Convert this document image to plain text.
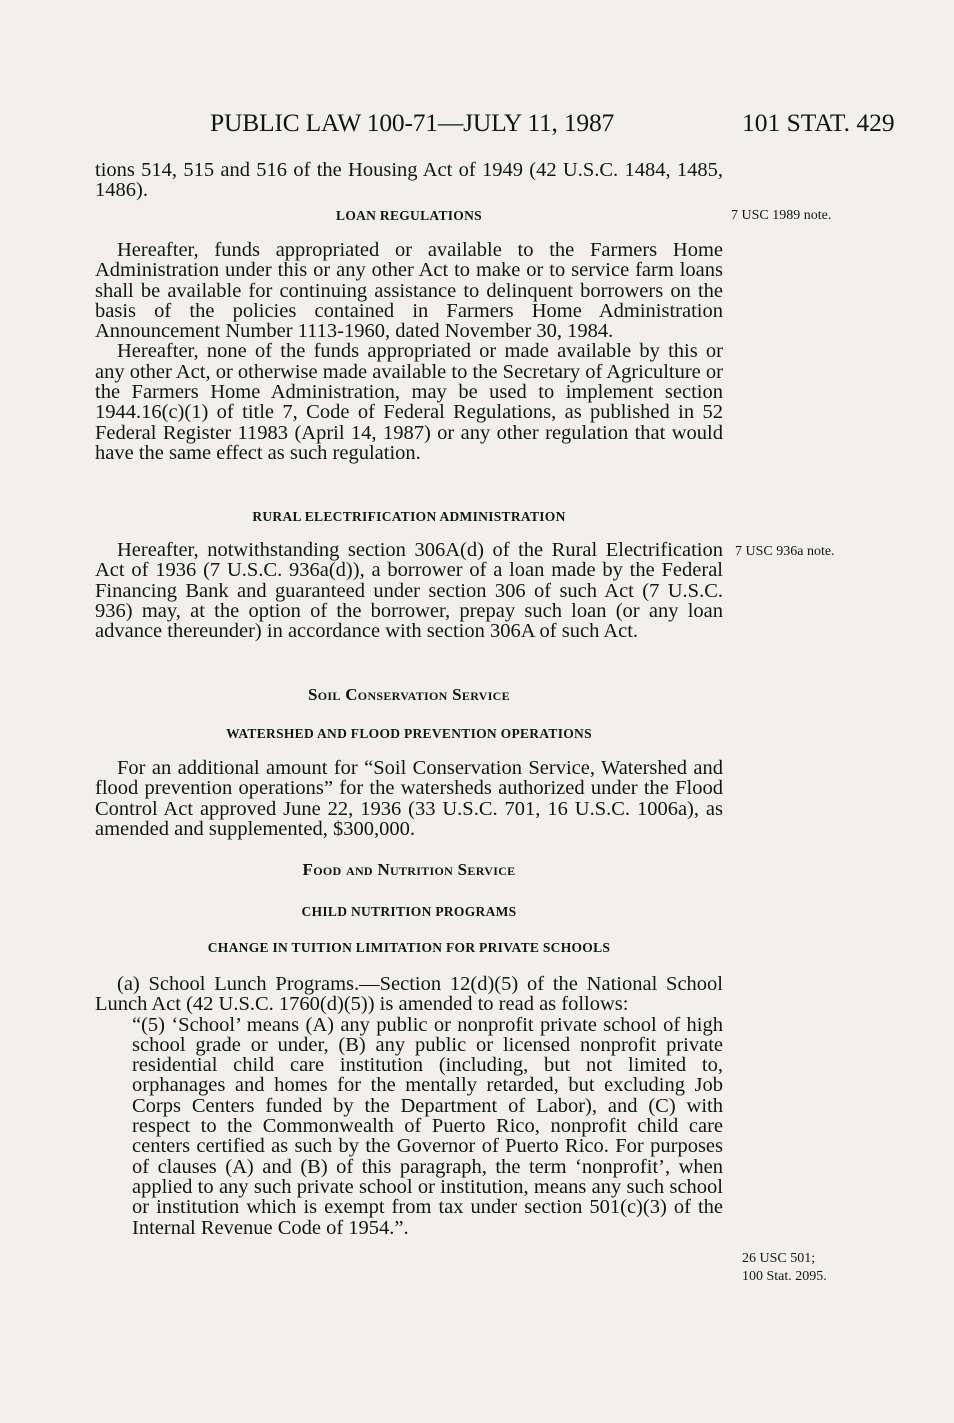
PUBLIC LAW 100-71—JULY 11, 1987	101 STAT. 429

tions 514, 515 and 516 of the Housing Act of 1949 (42 U.S.C. 1484, 1485, 1486).

LOAN REGULATIONS

Hereafter, funds appropriated or available to the Farmers Home Administration under this or any other Act to make or to service farm loans shall be available for continuing assistance to delinquent borrowers on the basis of the policies contained in Farmers Home Administration Announcement Number 1113-1960, dated November 30, 1984.

Hereafter, none of the funds appropriated or made available by this or any other Act, or otherwise made available to the Secretary of Agriculture or the Farmers Home Administration, may be used to implement section 1944.16(c)(1) of title 7, Code of Federal Regulations, as published in 52 Federal Register 11983 (April 14, 1987) or any other regulation that would have the same effect as such regulation.

RURAL ELECTRIFICATION ADMINISTRATION

Hereafter, notwithstanding section 306A(d) of the Rural Electrification Act of 1936 (7 U.S.C. 936a(d)), a borrower of a loan made by the Federal Financing Bank and guaranteed under section 306 of such Act (7 U.S.C. 936) may, at the option of the borrower, prepay such loan (or any loan advance thereunder) in accordance with section 306A of such Act.

Soil Conservation Service

WATERSHED AND FLOOD PREVENTION OPERATIONS

For an additional amount for “Soil Conservation Service, Watershed and flood prevention operations” for the watersheds authorized under the Flood Control Act approved June 22, 1936 (33 U.S.C. 701, 16 U.S.C. 1006a), as amended and supplemented, $300,000.

Food and Nutrition Service

CHILD NUTRITION PROGRAMS

CHANGE IN TUITION LIMITATION FOR PRIVATE SCHOOLS

(a) School Lunch Programs.—Section 12(d)(5) of the National School Lunch Act (42 U.S.C. 1760(d)(5)) is amended to read as follows:

“(5) ‘School’ means (A) any public or nonprofit private school of high school grade or under, (B) any public or licensed nonprofit private residential child care institution (including, but not limited to, orphanages and homes for the mentally retarded, but excluding Job Corps Centers funded by the Department of Labor), and (C) with respect to the Commonwealth of Puerto Rico, nonprofit child care centers certified as such by the Governor of Puerto Rico. For purposes of clauses (A) and (B) of this paragraph, the term ‘nonprofit’, when applied to any such private school or institution, means any such school or institution which is exempt from tax under section 501(c)(3) of the Internal Revenue Code of 1954.”.

7 USC 1989 note.
7 USC 936a note.
26 USC 501;
100 Stat. 2095.
